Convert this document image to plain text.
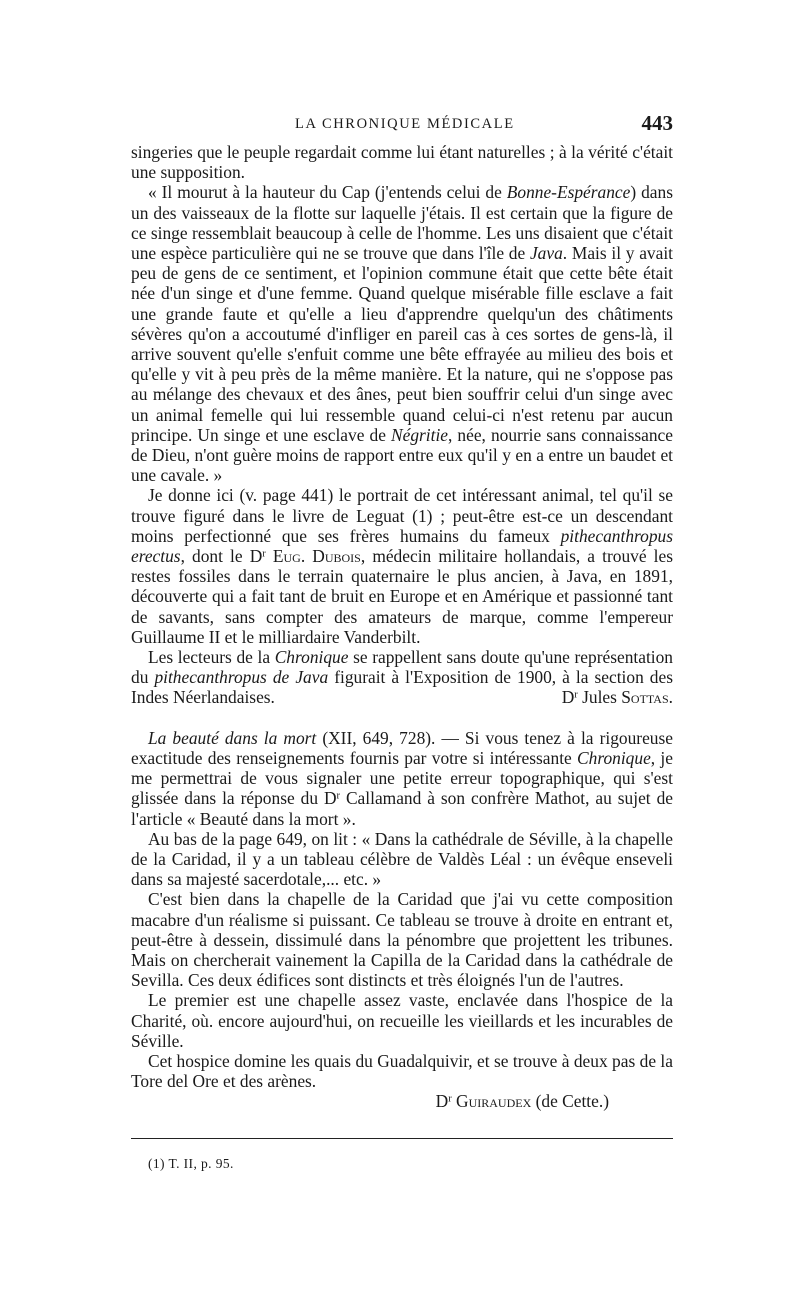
LA CHRONIQUE MÉDICALE	443

singeries que le peuple regardait comme lui étant naturelles ; à la vérité c'était une supposition.

« Il mourut à la hauteur du Cap (j'entends celui de Bonne-Espérance) dans un des vaisseaux de la flotte sur laquelle j'étais. Il est certain que la figure de ce singe ressemblait beaucoup à celle de l'homme. Les uns disaient que c'était une espèce particulière qui ne se trouve que dans l'île de Java. Mais il y avait peu de gens de ce sentiment, et l'opinion commune était que cette bête était née d'un singe et d'une femme. Quand quelque misérable fille esclave a fait une grande faute et qu'elle a lieu d'apprendre quelqu'un des châtiments sévères qu'on a accoutumé d'infliger en pareil cas à ces sortes de gens-là, il arrive souvent qu'elle s'enfuit comme une bête effrayée au milieu des bois et qu'elle y vit à peu près de la même manière. Et la nature, qui ne s'oppose pas au mélange des chevaux et des ânes, peut bien souffrir celui d'un singe avec un animal femelle qui lui ressemble quand celui-ci n'est retenu par aucun principe. Un singe et une esclave de Négritie, née, nourrie sans connaissance de Dieu, n'ont guère moins de rapport entre eux qu'il y en a entre un baudet et une cavale. »

Je donne ici (v. page 441) le portrait de cet intéressant animal, tel qu'il se trouve figuré dans le livre de Leguat (1) ; peut-être est-ce un descendant moins perfectionné que ses frères humains du fameux pithecanthropus erectus, dont le $D^r$ Eug. Dubois, médecin militaire hollandais, a trouvé les restes fossiles dans le terrain quaternaire le plus ancien, à Java, en 1891, découverte qui a fait tant de bruit en Europe et en Amérique et passionné tant de savants, sans compter des amateurs de marque, comme l'empereur Guillaume II et le milliardaire Vanderbilt.

Les lecteurs de la Chronique se rappellent sans doute qu'une représentation du pithecanthropus de Java figurait à l'Exposition de 1900, à la section des Indes Néerlandaises.	$D^r$ Jules Sottas.

La beauté dans la mort (XII, 649, 728). — Si vous tenez à la rigoureuse exactitude des renseignements fournis par votre si intéressante Chronique, je me permettrai de vous signaler une petite erreur topographique, qui s'est glissée dans la réponse du $D^r$ Callamand à son confrère Mathot, au sujet de l'article « Beauté dans la mort ».

Au bas de la page 649, on lit : « Dans la cathédrale de Séville, à la chapelle de la Caridad, il y a un tableau célèbre de Valdès Léal : un évêque enseveli dans sa majesté sacerdotale,... etc. »

C'est bien dans la chapelle de la Caridad que j'ai vu cette composition macabre d'un réalisme si puissant. Ce tableau se trouve à droite en entrant et, peut-être à dessein, dissimulé dans la pénombre que projettent les tribunes. Mais on chercherait vainement la Capilla de la Caridad dans la cathédrale de Sevilla. Ces deux édifices sont distincts et très éloignés l'un de l'autres.

Le premier est une chapelle assez vaste, enclavée dans l'hospice de la Charité, où. encore aujourd'hui, on recueille les vieillards et les incurables de Séville.

Cet hospice domine les quais du Guadalquivir, et se trouve à deux pas de la Tore del Ore et des arènes.

$D^r$ Guiraudex (de Cette.)

(1) T. II, p. 95.
